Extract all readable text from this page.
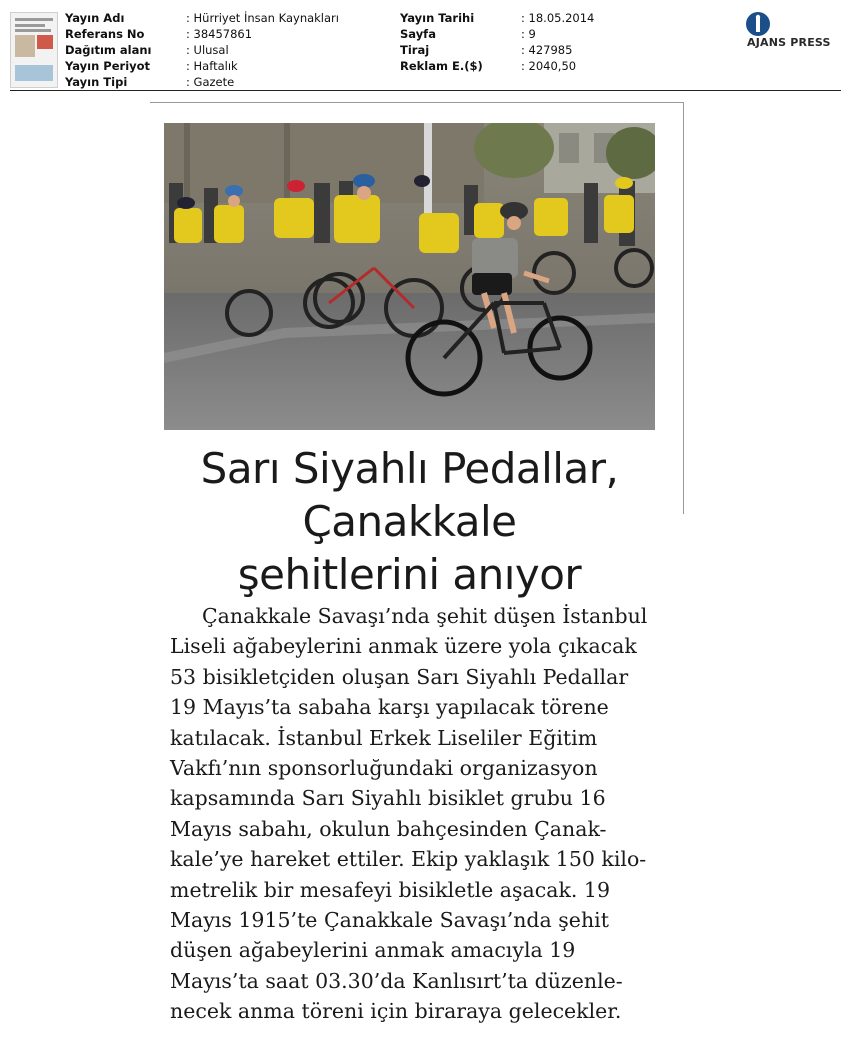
Yayın Adı	: Hürriyet İnsan Kaynakları
Referans No	: 38457861
Dağıtım alanı	: Ulusal
Yayın Periyot	: Haftalık
Yayın Tipi	: Gazete
Yayın Tarihi	: 18.05.2014
Sayfa	: 9
Tiraj	: 427985
Reklam E.($)	: 2040,50
AJANS PRESS
Sarı Siyahlı Pedallar,
Çanakkale
şehitlerini anıyor
Çanakkale Savaşı’nda şehit düşen İstanbul
Liseli ağabeylerini anmak üzere yola çıkacak
53 bisikletçiden oluşan Sarı Siyahlı Pedallar
19 Mayıs’ta sabaha karşı yapılacak törene
katılacak. İstanbul Erkek Liseliler Eğitim
Vakfı’nın sponsorluğundaki organizasyon
kapsamında Sarı Siyahlı bisiklet grubu 16
Mayıs sabahı, okulun bahçesinden Çanak-
kale’ye hareket ettiler. Ekip yaklaşık 150 kilo-
metrelik bir mesafeyi bisikletle aşacak. 19
Mayıs 1915’te Çanakkale Savaşı’nda şehit
düşen ağabeylerini anmak amacıyla 19
Mayıs’ta saat 03.30’da Kanlısırt’ta düzenle-
necek anma töreni için biraraya gelecekler.
